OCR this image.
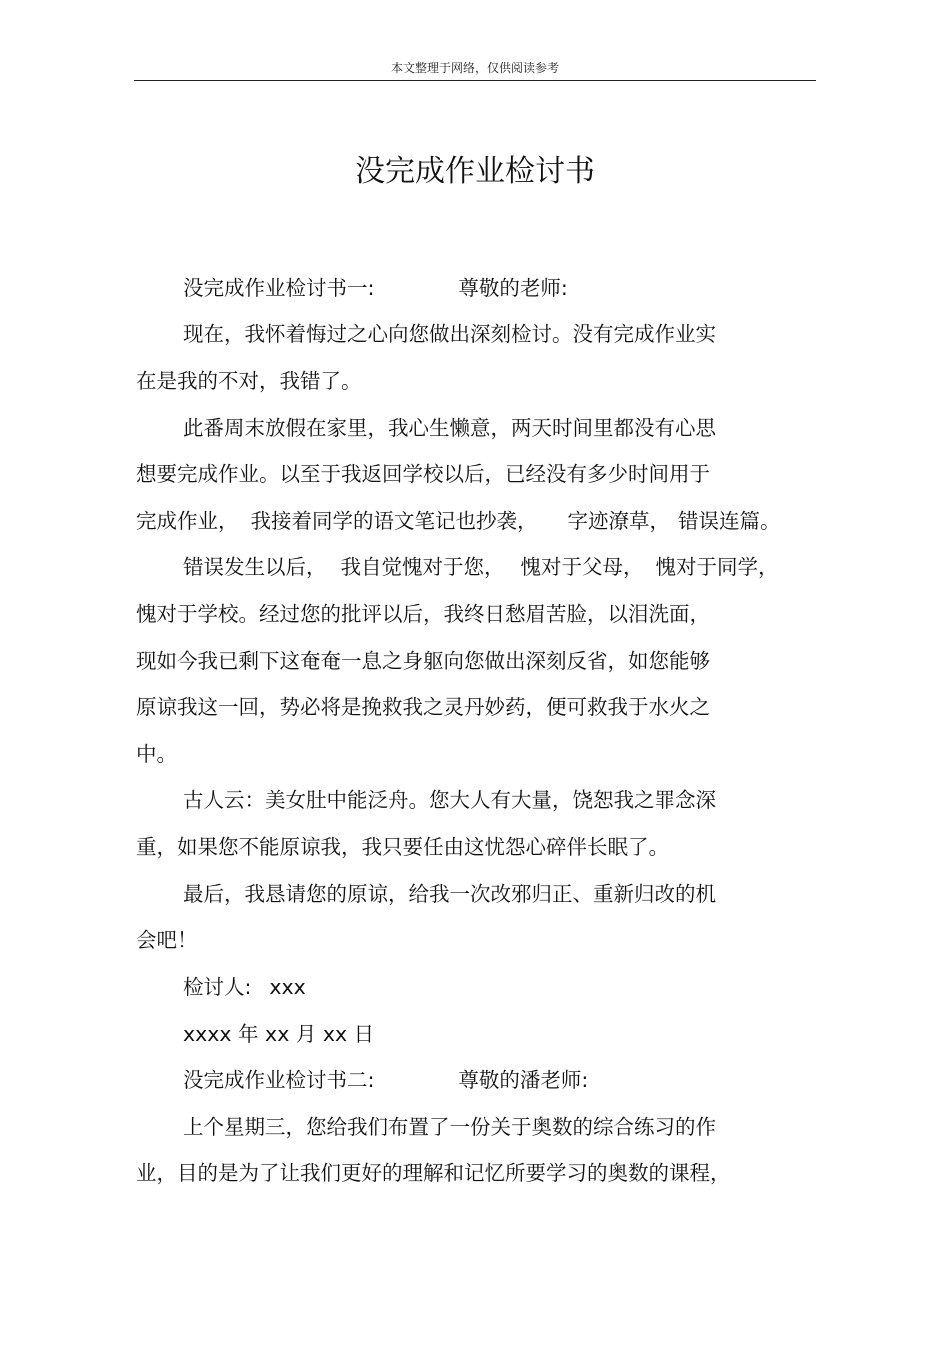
本文整理于网络，仅供阅读参考
没完成作业检讨书
没完成作业检讨书一:	尊敬的老师:
现在，我怀着悔过之心向您做出深刻检讨。没有完成作业实
在是我的不对，我错了。
此番周末放假在家里，我心生懒意，两天时间里都没有心思
想要完成作业。以至于我返回学校以后，已经没有多少时间用于
完成作业， 我接着同学的语文笔记也抄袭， 字迹潦草， 错误连篇。
错误发生以后， 我自觉愧对于您， 愧对于父母， 愧对于同学，
愧对于学校。经过您的批评以后，我终日愁眉苦脸，以泪洗面，
现如今我已剩下这奄奄一息之身躯向您做出深刻反省，如您能够
原谅我这一回，势必将是挽救我之灵丹妙药，便可救我于水火之
中。
古人云：美女肚中能泛舟。您大人有大量，饶恕我之罪念深
重，如果您不能原谅我，我只要任由这忧怨心碎伴长眠了。
最后，我恳请您的原谅，给我一次改邪归正、重新归改的机
会吧！
检讨人: xxx
xxxx 年 xx 月 xx 日
没完成作业检讨书二:	尊敬的潘老师:
上个星期三，您给我们布置了一份关于奥数的综合练习的作
业，目的是为了让我们更好的理解和记忆所要学习的奥数的课程，
